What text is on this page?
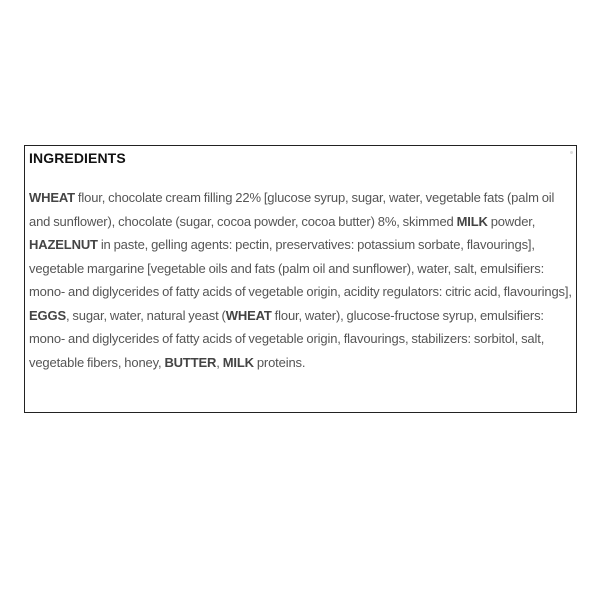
INGREDIENTS

WHEAT flour, chocolate cream filling 22% [glucose syrup, sugar, water, vegetable fats (palm oil and sunflower), chocolate (sugar, cocoa powder, cocoa butter) 8%, skimmed MILK powder, HAZELNUT in paste, gelling agents: pectin, preservatives: potassium sorbate, flavourings], vegetable margarine [vegetable oils and fats (palm oil and sunflower), water, salt, emulsifiers: mono- and diglycerides of fatty acids of vegetable origin, acidity regulators: citric acid, flavourings], EGGS, sugar, water, natural yeast (WHEAT flour, water), glucose-fructose syrup, emulsifiers: mono- and diglycerides of fatty acids of vegetable origin, flavourings, stabilizers: sorbitol, salt, vegetable fibers, honey, BUTTER, MILK proteins.
